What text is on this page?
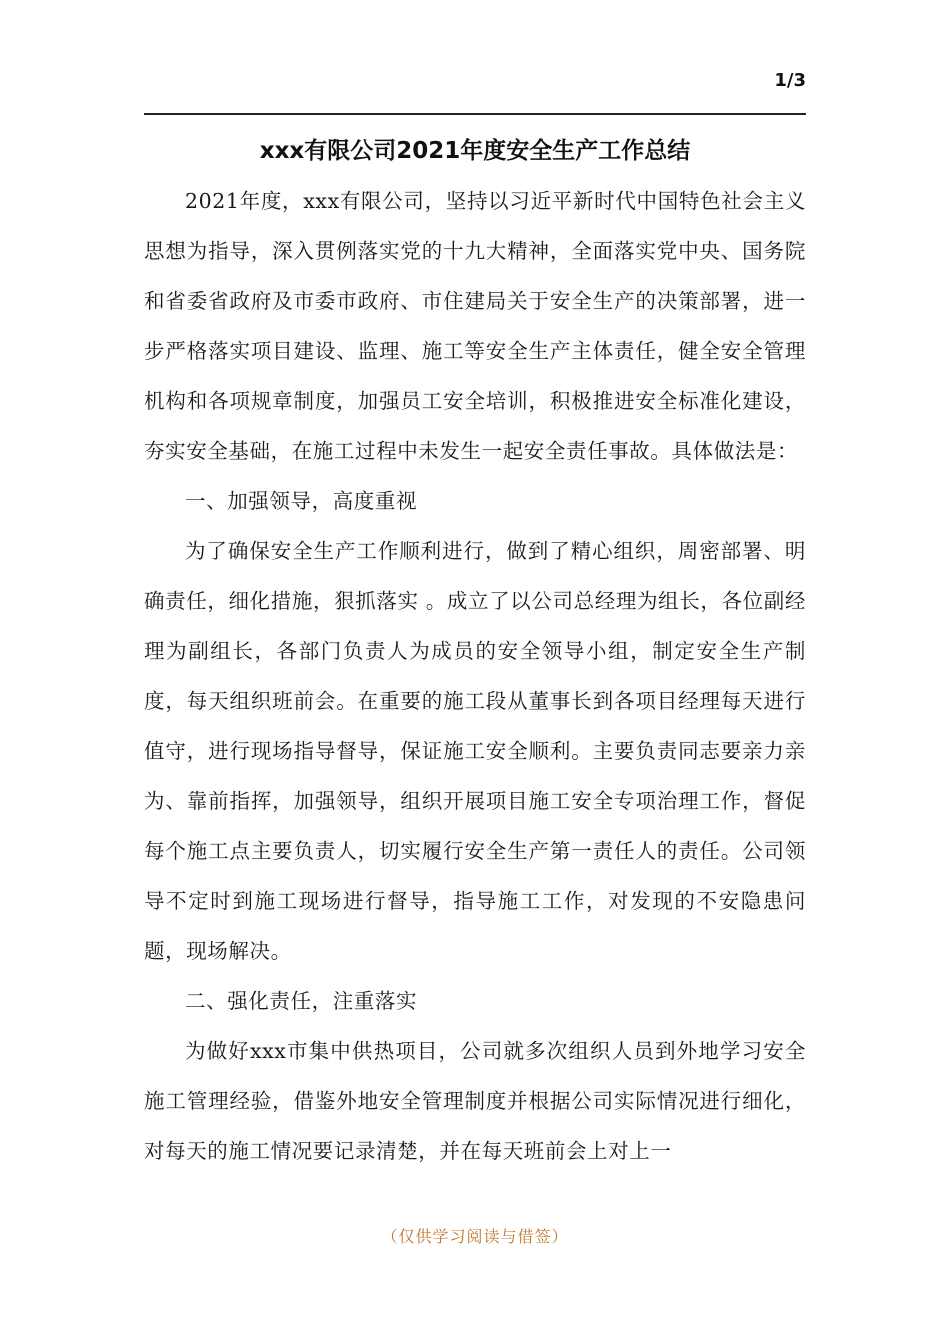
1/3
xxx有限公司2021年度安全生产工作总结

2021年度，xxx有限公司，坚持以习近平新时代中国特色社会主义思想为指导，深入贯例落实党的十九大精神，全面落实党中央、国务院和省委省政府及市委市政府、市住建局关于安全生产的决策部署，进一步严格落实项目建设、监理、施工等安全生产主体责任，健全安全管理机构和各项规章制度，加强员工安全培训，积极推进安全标准化建设，夯实安全基础，在施工过程中未发生一起安全责任事故。具体做法是：

一、加强领导，高度重视

为了确保安全生产工作顺利进行，做到了精心组织，周密部署、明确责任，细化措施，狠抓落实 。成立了以公司总经理为组长，各位副经理为副组长，各部门负责人为成员的安全领导小组，制定安全生产制度，每天组织班前会。在重要的施工段从董事长到各项目经理每天进行值守，进行现场指导督导，保证施工安全顺利。主要负责同志要亲力亲为、靠前指挥，加强领导，组织开展项目施工安全专项治理工作，督促每个施工点主要负责人，切实履行安全生产第一责任人的责任。公司领导不定时到施工现场进行督导，指导施工工作，对发现的不安隐患问题，现场解决。

二、强化责任，注重落实

为做好xxx市集中供热项目，公司就多次组织人员到外地学习安全施工管理经验，借鉴外地安全管理制度并根据公司实际情况进行细化，对每天的施工情况要记录清楚，并在每天班前会上对上一

（仅供学习阅读与借签）
